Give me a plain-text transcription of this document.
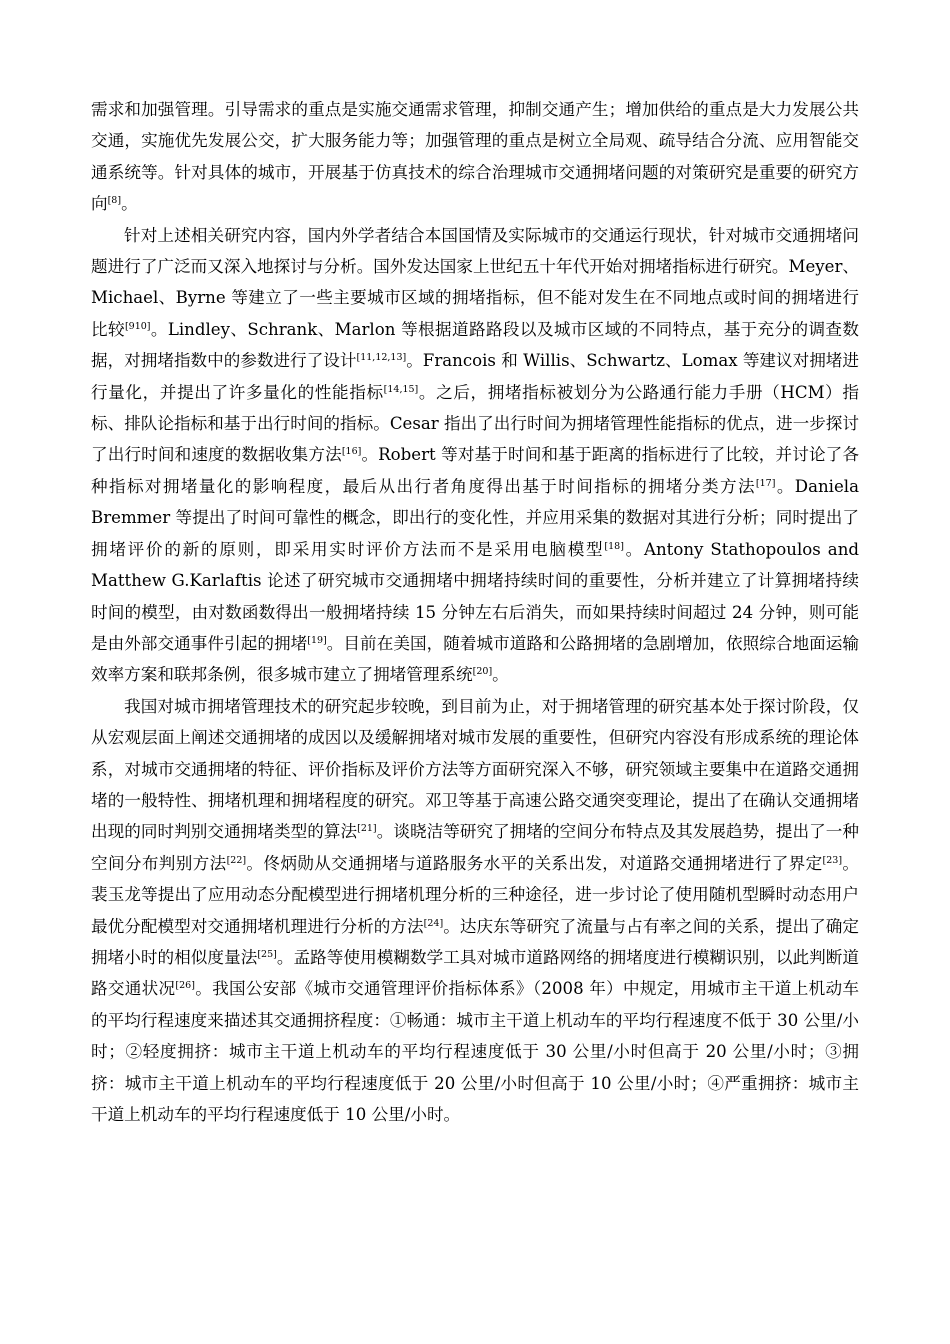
需求和加强管理。引导需求的重点是实施交通需求管理，抑制交通产生；增加供给的重点是大力发展公共交通，实施优先发展公交，扩大服务能力等；加强管理的重点是树立全局观、疏导结合分流、应用智能交通系统等。针对具体的城市，开展基于仿真技术的综合治理城市交通拥堵问题的对策研究是重要的研究方向[8]。

针对上述相关研究内容，国内外学者结合本国国情及实际城市的交通运行现状，针对城市交通拥堵问题进行了广泛而又深入地探讨与分析。国外发达国家上世纪五十年代开始对拥堵指标进行研究。Meyer、Michael、Byrne 等建立了一些主要城市区域的拥堵指标，但不能对发生在不同地点或时间的拥堵进行比较[910]。Lindley、Schrank、Marlon 等根据道路路段以及城市区域的不同特点，基于充分的调查数据，对拥堵指数中的参数进行了设计[11,12,13]。Francois 和 Willis、Schwartz、Lomax 等建议对拥堵进行量化，并提出了许多量化的性能指标[14,15]。之后，拥堵指标被划分为公路通行能力手册（HCM）指标、排队论指标和基于出行时间的指标。Cesar 指出了出行时间为拥堵管理性能指标的优点，进一步探讨了出行时间和速度的数据收集方法[16]。Robert 等对基于时间和基于距离的指标进行了比较，并讨论了各种指标对拥堵量化的影响程度，最后从出行者角度得出基于时间指标的拥堵分类方法[17]。Daniela Bremmer 等提出了时间可靠性的概念，即出行的变化性，并应用采集的数据对其进行分析；同时提出了拥堵评价的新的原则，即采用实时评价方法而不是采用电脑模型[18]。Antony Stathopoulos and Matthew G.Karlaftis 论述了研究城市交通拥堵中拥堵持续时间的重要性，分析并建立了计算拥堵持续时间的模型，由对数函数得出一般拥堵持续 15 分钟左右后消失，而如果持续时间超过 24 分钟，则可能是由外部交通事件引起的拥堵[19]。目前在美国，随着城市道路和公路拥堵的急剧增加，依照综合地面运输效率方案和联邦条例，很多城市建立了拥堵管理系统[20]。

我国对城市拥堵管理技术的研究起步较晚，到目前为止，对于拥堵管理的研究基本处于探讨阶段，仅从宏观层面上阐述交通拥堵的成因以及缓解拥堵对城市发展的重要性，但研究内容没有形成系统的理论体系，对城市交通拥堵的特征、评价指标及评价方法等方面研究深入不够，研究领域主要集中在道路交通拥堵的一般特性、拥堵机理和拥堵程度的研究。邓卫等基于高速公路交通突变理论，提出了在确认交通拥堵出现的同时判别交通拥堵类型的算法[21]。谈晓洁等研究了拥堵的空间分布特点及其发展趋势，提出了一种空间分布判别方法[22]。佟炳勋从交通拥堵与道路服务水平的关系出发，对道路交通拥堵进行了界定[23]。裴玉龙等提出了应用动态分配模型进行拥堵机理分析的三种途径，进一步讨论了使用随机型瞬时动态用户最优分配模型对交通拥堵机理进行分析的方法[24]。达庆东等研究了流量与占有率之间的关系，提出了确定拥堵小时的相似度量法[25]。孟路等使用模糊数学工具对城市道路网络的拥堵度进行模糊识别，以此判断道路交通状况[26]。我国公安部《城市交通管理评价指标体系》（2008 年）中规定，用城市主干道上机动车的平均行程速度来描述其交通拥挤程度：①畅通：城市主干道上机动车的平均行程速度不低于 30 公里/小时；②轻度拥挤：城市主干道上机动车的平均行程速度低于 30 公里/小时但高于 20 公里/小时；③拥挤：城市主干道上机动车的平均行程速度低于 20 公里/小时但高于 10 公里/小时；④严重拥挤：城市主干道上机动车的平均行程速度低于 10 公里/小时。
